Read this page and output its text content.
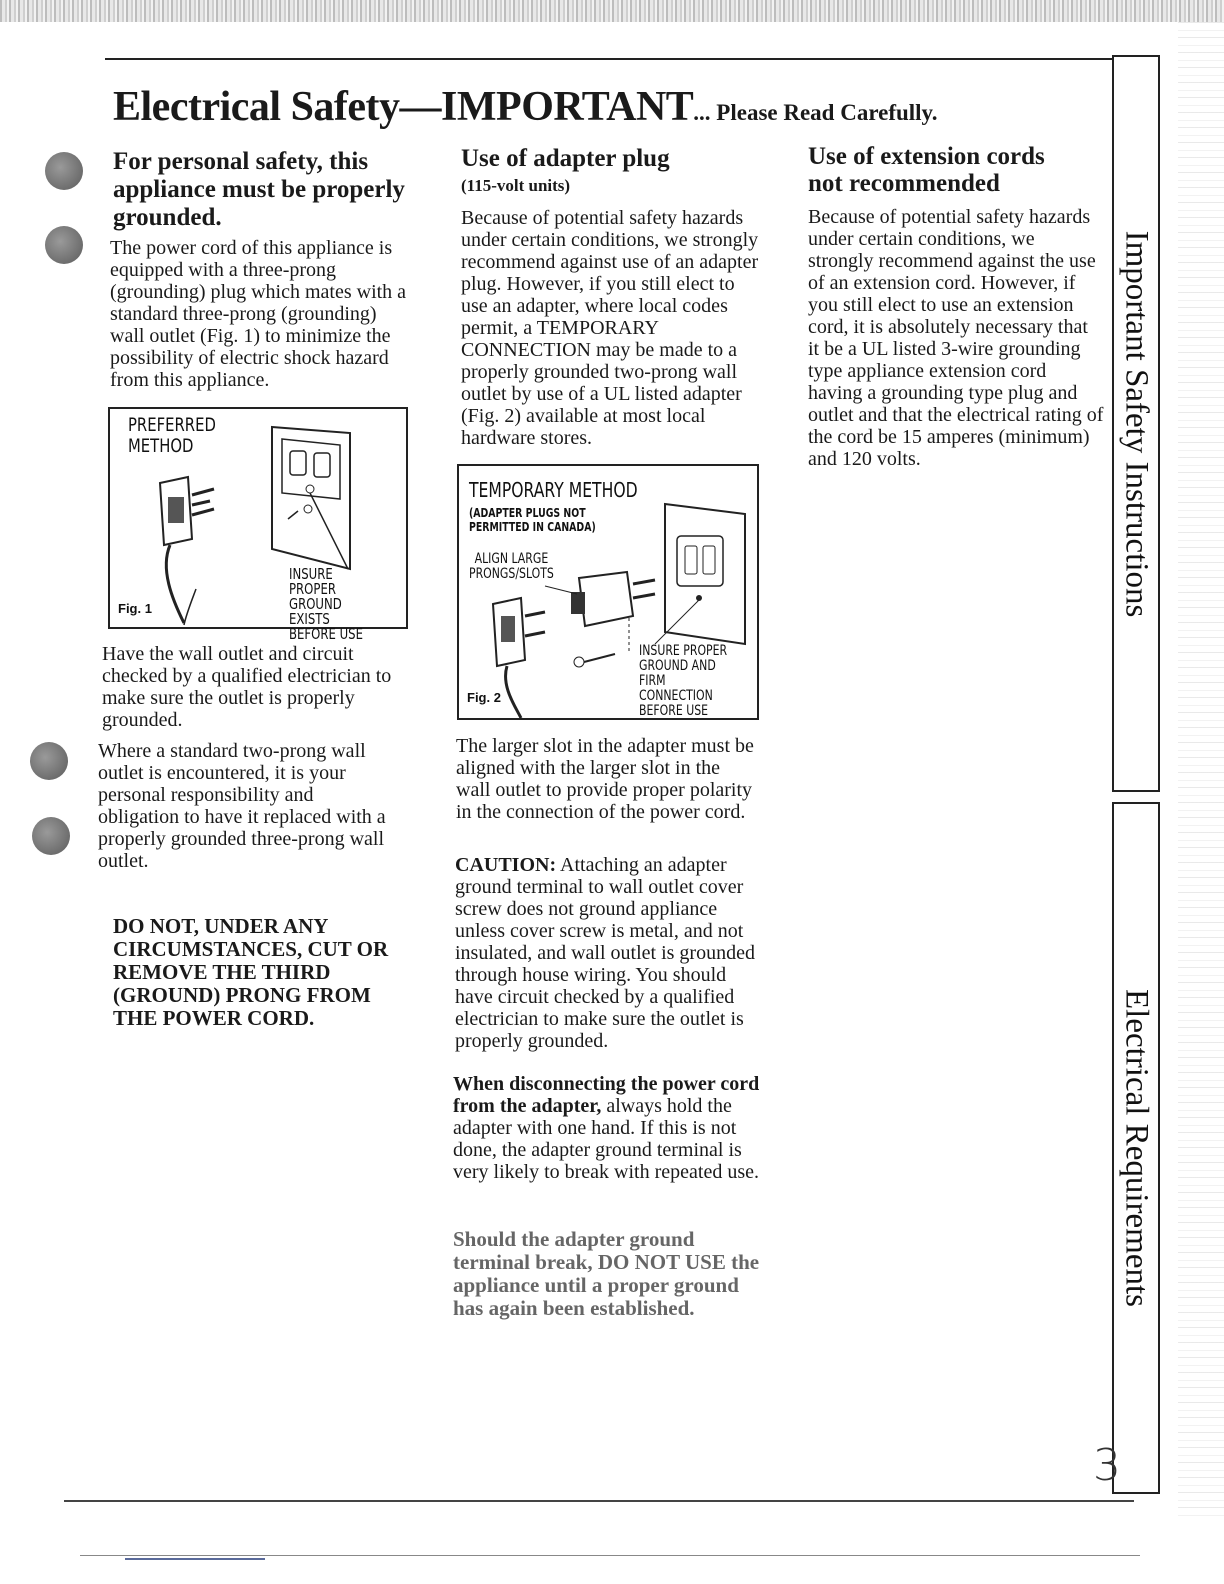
Electrical Safety—IMPORTANT... Please Read Carefully.
Important Safety Instructions
Electrical Requirements
3
For personal safety, this appliance must be properly grounded.

The power cord of this appliance is equipped with a three-prong (grounding) plug which mates with a standard three-prong (grounding) wall outlet (Fig. 1) to minimize the possibility of electric shock hazard from this appliance.

PREFERRED
METHOD
INSURE PROPER
GROUND EXISTS
BEFORE USE
Fig. 1

Have the wall outlet and circuit checked by a qualified electrician to make sure the outlet is properly grounded.

Where a standard two-prong wall outlet is encountered, it is your personal responsibility and obligation to have it replaced with a properly grounded three-prong wall outlet.

DO NOT, UNDER ANY CIRCUMSTANCES, CUT OR REMOVE THE THIRD (GROUND) PRONG FROM THE POWER CORD.

Use of adapter plug
(115-volt units)

Because of potential safety hazards under certain conditions, we strongly recommend against use of an adapter plug. However, if you still elect to use an adapter, where local codes permit, a TEMPORARY CONNECTION may be made to a properly grounded two-prong wall outlet by use of a UL listed adapter (Fig. 2) available at most local hardware stores.

TEMPORARY METHOD
(ADAPTER PLUGS NOT
PERMITTED IN CANADA)
ALIGN LARGE
PRONGS/SLOTS
INSURE PROPER
GROUND AND
FIRM CONNECTION
BEFORE USE
Fig. 2

The larger slot in the adapter must be aligned with the larger slot in the wall outlet to provide proper polarity in the connection of the power cord.

CAUTION: Attaching an adapter ground terminal to wall outlet cover screw does not ground appliance unless cover screw is metal, and not insulated, and wall outlet is grounded through house wiring. You should have circuit checked by a qualified electrician to make sure the outlet is properly grounded.

When disconnecting the power cord from the adapter, always hold the adapter with one hand. If this is not done, the adapter ground terminal is very likely to break with repeated use.

Should the adapter ground terminal break, DO NOT USE the appliance until a proper ground has again been established.

Use of extension cords not recommended

Because of potential safety hazards under certain conditions, we strongly recommend against the use of an extension cord. However, if you still elect to use an extension cord, it is absolutely necessary that it be a UL listed 3-wire grounding type appliance extension cord having a grounding type plug and outlet and that the electrical rating of the cord be 15 amperes (minimum) and 120 volts.
